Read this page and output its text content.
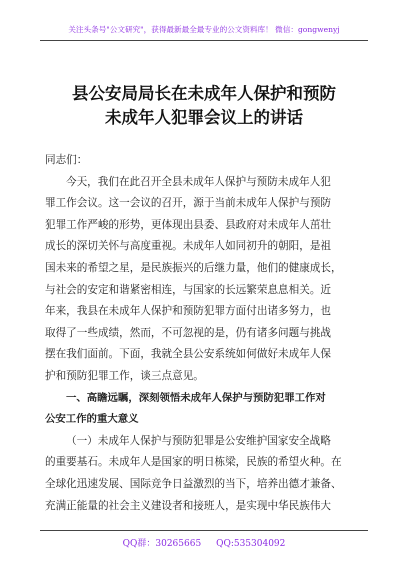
关注头条号"公文研究"，获得最新最全最专业的公文资料库！ 微信：gongwenyj
县公安局局长在未成年人保护和预防
未成年人犯罪会议上的讲话
同志们：
今天，我们在此召开全县未成年人保护与预防未成年人犯
罪工作会议。这一会议的召开，源于当前未成年人保护与预防
犯罪工作严峻的形势，更体现出县委、县政府对未成年人茁壮
成长的深切关怀与高度重视。未成年人如同初升的朝阳，是祖
国未来的希望之星，是民族振兴的后继力量，他们的健康成长，
与社会的安定和谐紧密相连，与国家的长远繁荣息息相关。近
年来，我县在未成年人保护和预防犯罪方面付出诸多努力，也
取得了一些成绩，然而，不可忽视的是，仍有诸多问题与挑战
摆在我们面前。下面，我就全县公安系统如何做好未成年人保
护和预防犯罪工作，谈三点意见。
一、高瞻远瞩，深刻领悟未成年人保护与预防犯罪工作对
公安工作的重大意义
（一）未成年人保护与预防犯罪是公安维护国家安全战略
的重要基石。未成年人是国家的明日栋梁，民族的希望火种。在
全球化迅速发展、国际竞争日益激烈的当下，培养出德才兼备、
充满正能量的社会主义建设者和接班人，是实现中华民族伟大
QQ群：30265665 QQ:535304092
